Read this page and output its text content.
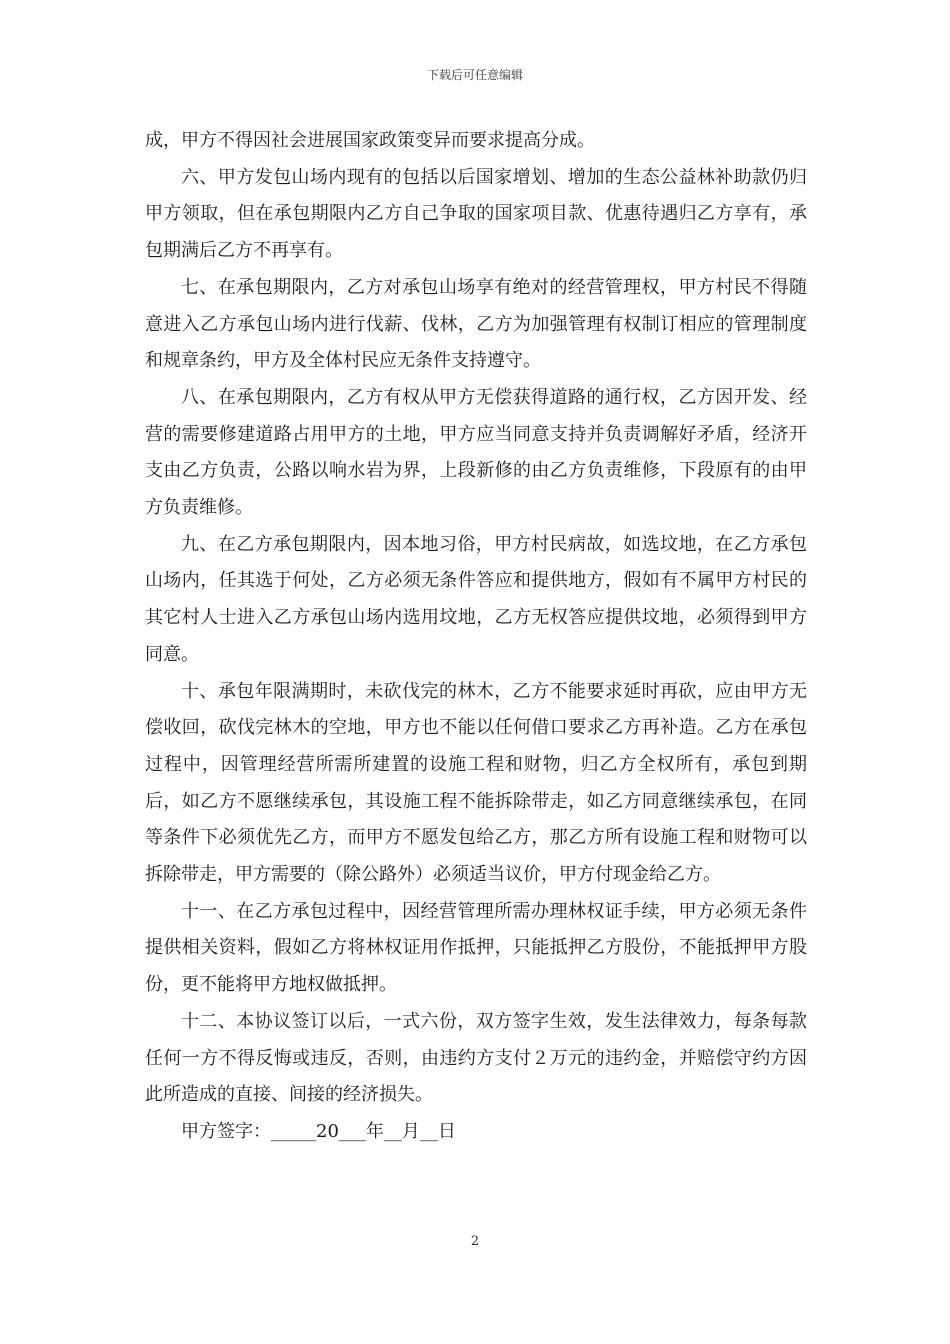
下载后可任意编辑

成，甲方不得因社会进展国家政策变异而要求提高分成。

六、甲方发包山场内现有的包括以后国家增划、增加的生态公益林补助款仍归甲方领取，但在承包期限内乙方自己争取的国家项目款、优惠待遇归乙方享有，承包期满后乙方不再享有。

七、在承包期限内，乙方对承包山场享有绝对的经营管理权，甲方村民不得随意进入乙方承包山场内进行伐薪、伐林，乙方为加强管理有权制订相应的管理制度和规章条约，甲方及全体村民应无条件支持遵守。

八、在承包期限内，乙方有权从甲方无偿获得道路的通行权，乙方因开发、经营的需要修建道路占用甲方的土地，甲方应当同意支持并负责调解好矛盾，经济开支由乙方负责，公路以响水岩为界，上段新修的由乙方负责维修，下段原有的由甲方负责维修。

九、在乙方承包期限内，因本地习俗，甲方村民病故，如选坟地，在乙方承包山场内，任其选于何处，乙方必须无条件答应和提供地方，假如有不属甲方村民的其它村人士进入乙方承包山场内选用坟地，乙方无权答应提供坟地，必须得到甲方同意。

十、承包年限满期时，未砍伐完的林木，乙方不能要求延时再砍，应由甲方无偿收回，砍伐完林木的空地，甲方也不能以任何借口要求乙方再补造。乙方在承包过程中，因管理经营所需所建置的设施工程和财物，归乙方全权所有，承包到期后，如乙方不愿继续承包，其设施工程不能拆除带走，如乙方同意继续承包，在同等条件下必须优先乙方，而甲方不愿发包给乙方，那乙方所有设施工程和财物可以拆除带走，甲方需要的（除公路外）必须适当议价，甲方付现金给乙方。

十一、在乙方承包过程中，因经营管理所需办理林权证手续，甲方必须无条件提供相关资料，假如乙方将林权证用作抵押，只能抵押乙方股份，不能抵押甲方股份，更不能将甲方地权做抵押。

十二、本协议签订以后，一式六份，双方签字生效，发生法律效力，每条每款任何一方不得反悔或违反，否则，由违约方支付２万元的违约金，并赔偿守约方因此所造成的直接、间接的经济损失。

甲方签字：_____20___年__月__日

2
